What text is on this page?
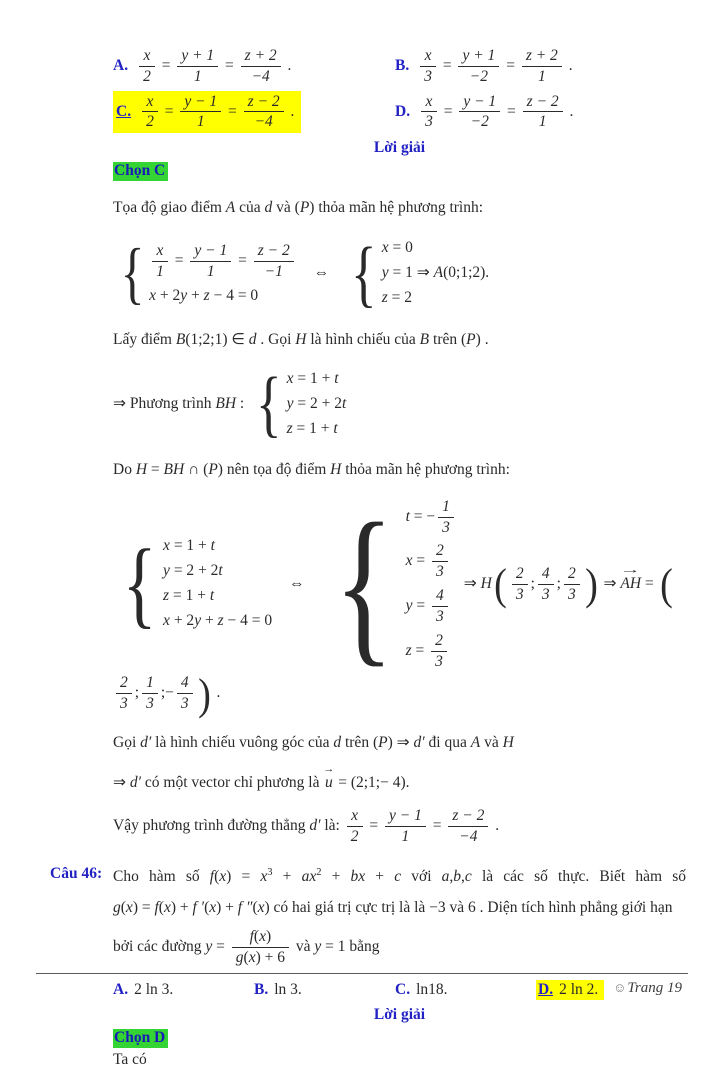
A. $\frac{x}{2} = \frac{y + 1}{1} = \frac{z + 2}{-4}$ .	B. $\frac{x}{3} = \frac{y + 1}{-2} = \frac{z + 2}{1}$ .
C. $\frac{x}{2} = \frac{y - 1}{1} = \frac{z - 2}{-4}$ .	D. $\frac{x}{3} = \frac{y - 1}{-2} = \frac{z - 2}{1}$ .
Lời giải
Chọn C
Tọa độ giao điểm A của d và (P) thỏa mãn hệ phương trình:
{ $\frac{x}{1} = \frac{y - 1}{1} = \frac{z - 2}{-1}$
x + 2y + z − 4 = 0
⇔ { x = 0
y = 1 ⇒ A(0;1;2).
z = 2
Lấy điểm B(1;2;1) ∈ d . Gọi H là hình chiếu của B trên (P) .
⇒ Phương trình BH : { x = 1 + t
y = 2 + 2t
z = 1 + t
Do H = BH ∩ (P) nên tọa độ điểm H thỏa mãn hệ phương trình:
{ x = 1 + t
y = 2 + 2t
z = 1 + t
x + 2y + z − 4 = 0
⇔ { t = − $\frac{1}{3}$
$x = \frac{2}{3}$
$y = \frac{4}{3}$
$z = \frac{2}{3}$
⇒ $H( \frac{2}{3}$ ; $\frac{4}{3}$ ; $\frac{2}{3}$ ) ⇒
→
AH = (
$\frac{2}{3}$ ; $\frac{1}{3}$ ;− $\frac{4}{3}$ ) .
Gọi d′ là hình chiếu vuông góc của d trên (P) ⇒ d′ đi qua A và H
⇒ d′ có một vector chỉ phương là
→
u = (2;1;− 4).
Vậy phương trình đường thẳng d′ là: $\frac{x}{2} = \frac{y - 1}{1} = \frac{z - 2}{-4}$ .
Câu 46: Cho hàm số $f(x) = x^3 + ax^2$ + bx + c với a,b,c là các số thực. Biết hàm số
g(x) = f(x) + f ′(x) + f ″(x) có hai giá trị cực trị là là −3 và 6 . Diện tích hình phẳng giới hạn
bởi các đường $y = \frac{f(x)}{g(x) + 6}$ và y = 1 bằng
A. 2 ln 3.	B. ln 3.	C. ln18.	D. 2 ln 2.
Lời giải
Chọn D
Ta có
☺Trang 19
